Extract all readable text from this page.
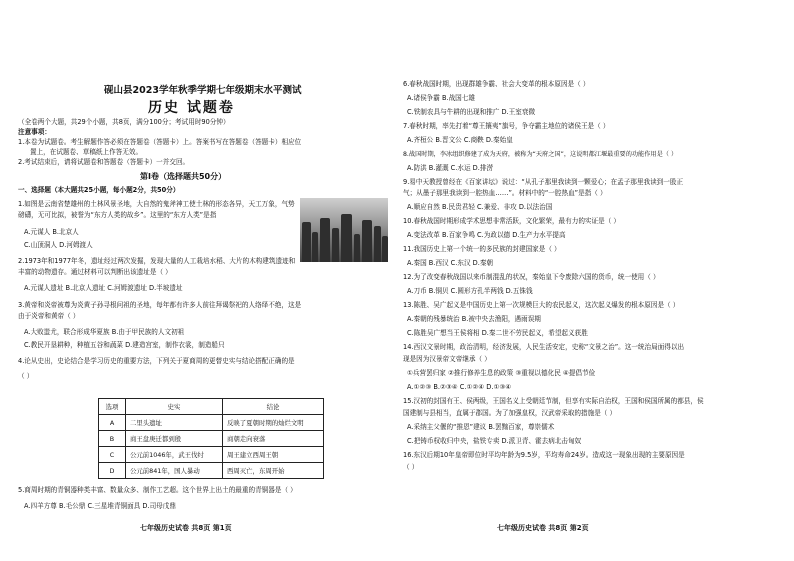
砚山县2023学年秋季学期七年级期末水平测试
历史 试题卷
（全卷两个大题，共29个小题，共8页，满分100分；考试用时90分钟）
注意事项：
1.本卷为试题卷。考生解题作答必须在答题卷（答题卡）上。答案书写在答题卷（答题卡）相应位
置上，在试题卷、草稿纸上作答无效。
2.考试结束后，请将试题卷和答题卷（答题卡）一并交回。
第Ⅰ卷（选择题共50分）
一、选择题（本大题共25小题，每小题2分，共50分）
1.如图是云南省楚雄州的土林风景圣地，大自然的鬼斧神工使土林的形态各异，天工万象，气势
磅礴，无可比拟，被誉为“东方人类的故乡”。这里的“东方人类”是指
A.元谋人 B.北京人
C.山顶洞人 D.河姆渡人
2.1973年和1977年冬，遗址经过两次发掘，发现大量的人工栽培水稻、大片的木构建筑遗迹和
丰富的动物遗存。通过材料可以判断出该遗址是（ ）
A.元谋人遗址 B.北京人遗址 C.河姆渡遗址 D.半坡遗址
3.黄帝和炎帝被尊为炎黄子孙寻根问祖的圣地，每年都有许多人前往拜谒祭祀的人络绎不绝，这是
由于炎帝和黄帝（ ）
A.大败蚩尤，联合形成华夏族 B.由于甲民族的人文初祖
C.教民开垦耕种，种植五谷和蔬菜 D.建造宫室，制作衣裳，制造船只
4.论从史出，史论结合是学习历史的重要方法，下列关于夏商周的更替史实与结论搭配正确的是
（ ）
选项	史实	结论
A	二里头遗址	反映了夏朝时期的灿烂文明
B	商王盘庚迁都到殷	商朝走向衰落
C	公元前1046年，武王伐纣	周王建立西周王朝
D	公元前841年，国人暴动	西周灭亡，东周开始
5.商周时期的青铜器种类丰富、数量众多、制作工艺超。这个世界上出土的最重的青铜器是（ ）
A.四羊方尊 B.毛公鼎 C.三星堆青铜面具 D.司母戊鼎
七年级历史试卷 共8页 第1页
6.春秋战国时期，出现群雄争霸、社会大变革的根本原因是（ ）
A.诸侯争霸 B.战国七雄
C.铁制农具与牛耕的出现和推广 D.王室衰微
7.春秋时期，率先打着“尊王攘夷”旗号，争夺霸主地位的诸侯王是（ ）
A.齐桓公 B.晋文公 C.商鞅 D.秦始皇
8.战国时期，李冰组织修建了成为天府，被称为“天府之国”，这说明都江堰最重要的功能作用是（ ）
A.防洪 B.灌溉 C.水运 D.排涝
9.易中天教授曾经在《百家讲坛》说过：“从孔子那里我读到一颗爱心；在孟子那里我读到一股正
气；从墨子那里我读到一腔热血……”。材料中的“一腔热血”是指（ ）
A.顺应自然 B.民贵君轻 C.兼爱、非攻 D.以法治国
10.春秋战国时期形成学术思想非常活跃，文化繁荣，最有力的实证是（ ）
A.变法改革 B.百家争鸣 C.为政以德 D.生产力水平提高
11.我国历史上第一个统一的多民族的封建国家是（ ）
A.秦国 B.西汉 C.东汉 D.秦朝
12.为了改变春秋战国以来币制混乱的状况，秦始皇下令废除六国的货币，统一使用（ ）
A.刀币 B.铜贝 C.圆形方孔半两钱 D.五铢钱
13.陈胜、吴广起义是中国历史上第一次规模巨大的农民起义，这次起义爆发的根本原因是（ ）
A.秦朝的残暴统治 B.被中央去渔阳，遇雨误期
C.陈胜吴广想当王侯将相 D.秦二世不劳民起义，希望起义获胜
14.西汉文景时期，政治清明，经济发展，人民生活安定，史称“文景之治”。这一统治局面得以出
现是因为汉景帝文帝继承（ ）
①兵营罢归家 ②推行修养生息的政策 ③重视以德化民 ④提倡节俭
A.①②③ B.②③④ C.①②④ D.①③④
15.汉初的封国有王、侯两级，王国名义上受朝廷节制，但享有实际自治权，王国和侯国所属的都县，侯
国建制与县相当，直属于郡国。为了加强皇权，汉武帝采取的措施是（ ）
A.采纳主父偃的“推恩”建议 B.罢黜百家，尊崇儒术
C.把铸币权收归中央，盐铁专卖 D.派卫青、霍去病北击匈奴
16.东汉后期10年皇帝即位时平均年龄为9.5岁，平均寿命24岁。造成这一现象出现的主要原因是
（ ）
七年级历史试卷 共8页 第2页
